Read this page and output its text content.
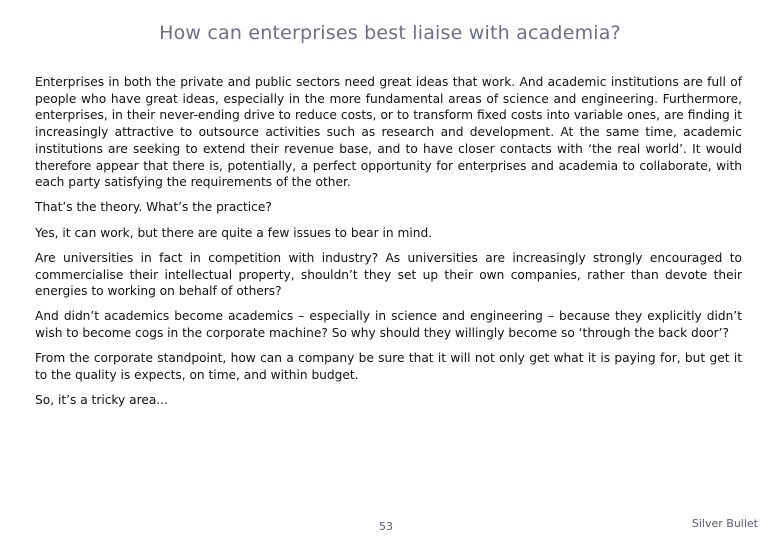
How can enterprises best liaise with academia?

Enterprises in both the private and public sectors need great ideas that work. And academic institutions are full of people who have great ideas, especially in the more fundamental areas of science and engineering. Furthermore, enterprises, in their never-ending drive to reduce costs, or to transform fixed costs into variable ones, are finding it increasingly attractive to outsource activities such as research and development. At the same time, academic institutions are seeking to extend their revenue base, and to have closer contacts with ‘the real world’. It would therefore appear that there is, potentially, a perfect opportunity for enterprises and academia to collaborate, with each party satisfying the requirements of the other.

That’s the theory. What’s the practice?

Yes, it can work, but there are quite a few issues to bear in mind.

Are universities in fact in competition with industry? As universities are increasingly strongly encouraged to commercialise their intellectual property, shouldn’t they set up their own companies, rather than devote their energies to working on behalf of others?

And didn’t academics become academics – especially in science and engineering – because they explicitly didn’t wish to become cogs in the corporate machine? So why should they willingly become so ‘through the back door’?

From the corporate standpoint, how can a company be sure that it will not only get what it is paying for, but get it to the quality is expects, on time, and within budget.

So, it’s a tricky area...

53	Silver Bullet
